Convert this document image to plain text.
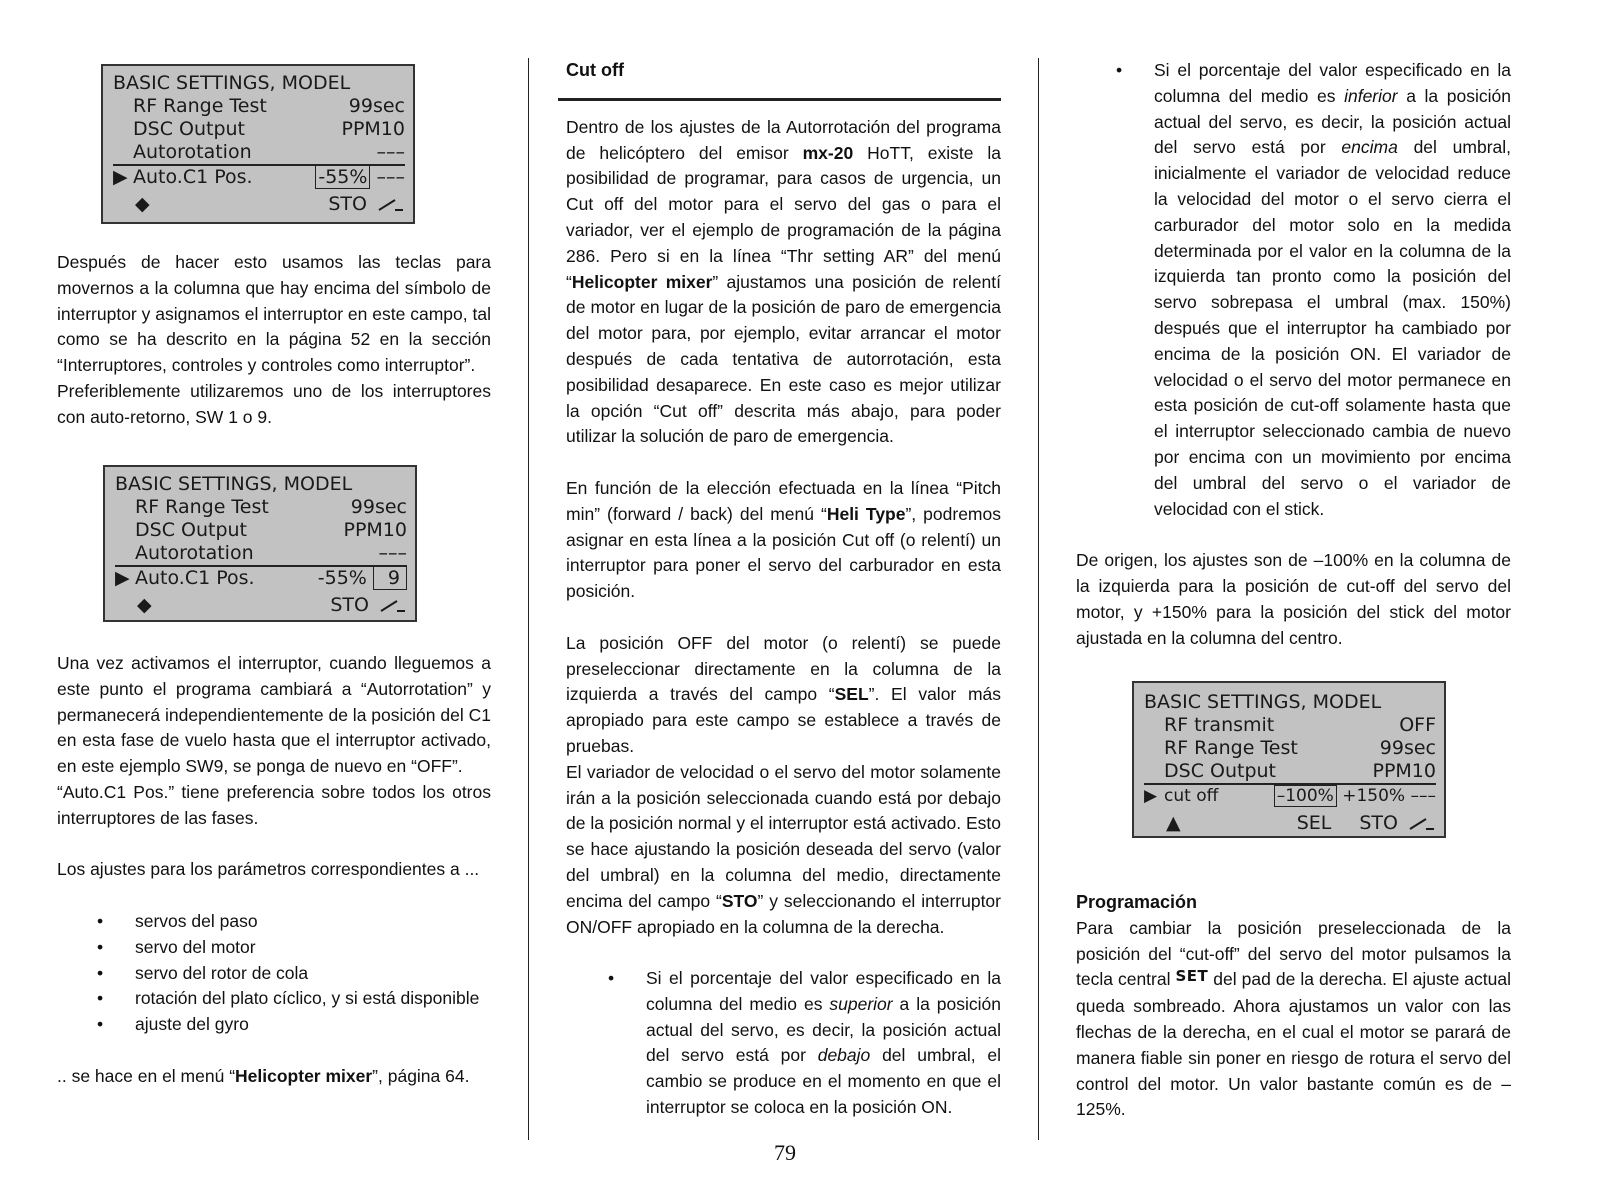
BASIC SETTINGS, MODEL
RF Range Test	99sec
DSC Output	PPM10
Autorotation	–––
▶ Auto.C1 Pos.	-55% –––
◆	STO

Después de hacer esto usamos las teclas para movernos a la columna que hay encima del símbolo de interruptor y asignamos el interruptor en este campo, tal como se ha descrito en la página 52 en la sección “Interruptores, controles y controles como interruptor”.

Preferiblemente utilizaremos uno de los interruptores con auto-retorno, SW 1 o 9.

BASIC SETTINGS, MODEL
RF Range Test	99sec
DSC Output	PPM10
Autorotation	–––
▶ Auto.C1 Pos.	-55% 9
◆	STO

Una vez activamos el interruptor, cuando lleguemos a este punto el programa cambiará a “Autorrotation” y permanecerá independientemente de la posición del C1 en esta fase de vuelo hasta que el interruptor activado, en este ejemplo SW9, se ponga de nuevo en “OFF”.

“Auto.C1 Pos.” tiene preferencia sobre todos los otros interruptores de las fases.

Los ajustes para los parámetros correspondientes a ...

• servos del paso
• servo del motor
• servo del rotor de cola
• rotación del plato cíclico, y si está disponible
• ajuste del gyro

.. se hace en el menú “Helicopter mixer”, página 64.

Cut off

Dentro de los ajustes de la Autorrotación del programa de helicóptero del emisor mx-20 HoTT, existe la posibilidad de programar, para casos de urgencia, un Cut off del motor para el servo del gas o para el variador, ver el ejemplo de programación de la página 286. Pero si en la línea “Thr setting AR” del menú “Helicopter mixer” ajustamos una posición de relentí de motor en lugar de la posición de paro de emergencia del motor para, por ejemplo, evitar arrancar el motor después de cada tentativa de autorrotación, esta posibilidad desaparece. En este caso es mejor utilizar la opción “Cut off” descrita más abajo, para poder utilizar la solución de paro de emergencia.

En función de la elección efectuada en la línea “Pitch min” (forward / back) del menú “Heli Type”, podremos asignar en esta línea a la posición Cut off (o relentí) un interruptor para poner el servo del carburador en esta posición.

La posición OFF del motor (o relentí) se puede preseleccionar directamente en la columna de la izquierda a través del campo “SEL”. El valor más apropiado para este campo se establece a través de pruebas.

El variador de velocidad o el servo del motor solamente irán a la posición seleccionada cuando está por debajo de la posición normal y el interruptor está activado. Esto se hace ajustando la posición deseada del servo (valor del umbral) en la columna del medio, directamente encima del campo “STO” y seleccionando el interruptor ON/OFF apropiado en la columna de la derecha.

• Si el porcentaje del valor especificado en la columna del medio es superior a la posición actual del servo, es decir, la posición actual del servo está por debajo del umbral, el cambio se produce en el momento en que el interruptor se coloca en la posición ON.
• Si el porcentaje del valor especificado en la columna del medio es inferior a la posición actual del servo, es decir, la posición actual del servo está por encima del umbral, inicialmente el variador de velocidad reduce la velocidad del motor o el servo cierra el carburador del motor solo en la medida determinada por el valor en la columna de la izquierda tan pronto como la posición del servo sobrepasa el umbral (max. 150%) después que el interruptor ha cambiado por encima de la posición ON. El variador de velocidad o el servo del motor permanece en esta posición de cut-off solamente hasta que el interruptor seleccionado cambia de nuevo por encima con un movimiento por encima del umbral del servo o el variador de velocidad con el stick.

De origen, los ajustes son de –100% en la columna de la izquierda para la posición de cut-off del servo del motor, y +150% para la posición del stick del motor ajustada en la columna del centro.

BASIC SETTINGS, MODEL
RF transmit	OFF
RF Range Test	99sec
DSC Output	PPM10
▶ cut off	–100% +150% –––
▲	SEL STO
Programación

Para cambiar la posición preseleccionada de la posición del “cut-off” del servo del motor pulsamos la tecla central SET del pad de la derecha. El ajuste actual queda sombreado. Ahora ajustamos un valor con las flechas de la derecha, en el cual el motor se parará de manera fiable sin poner en riesgo de rotura el servo del control del motor. Un valor bastante común es de –125%.

79
